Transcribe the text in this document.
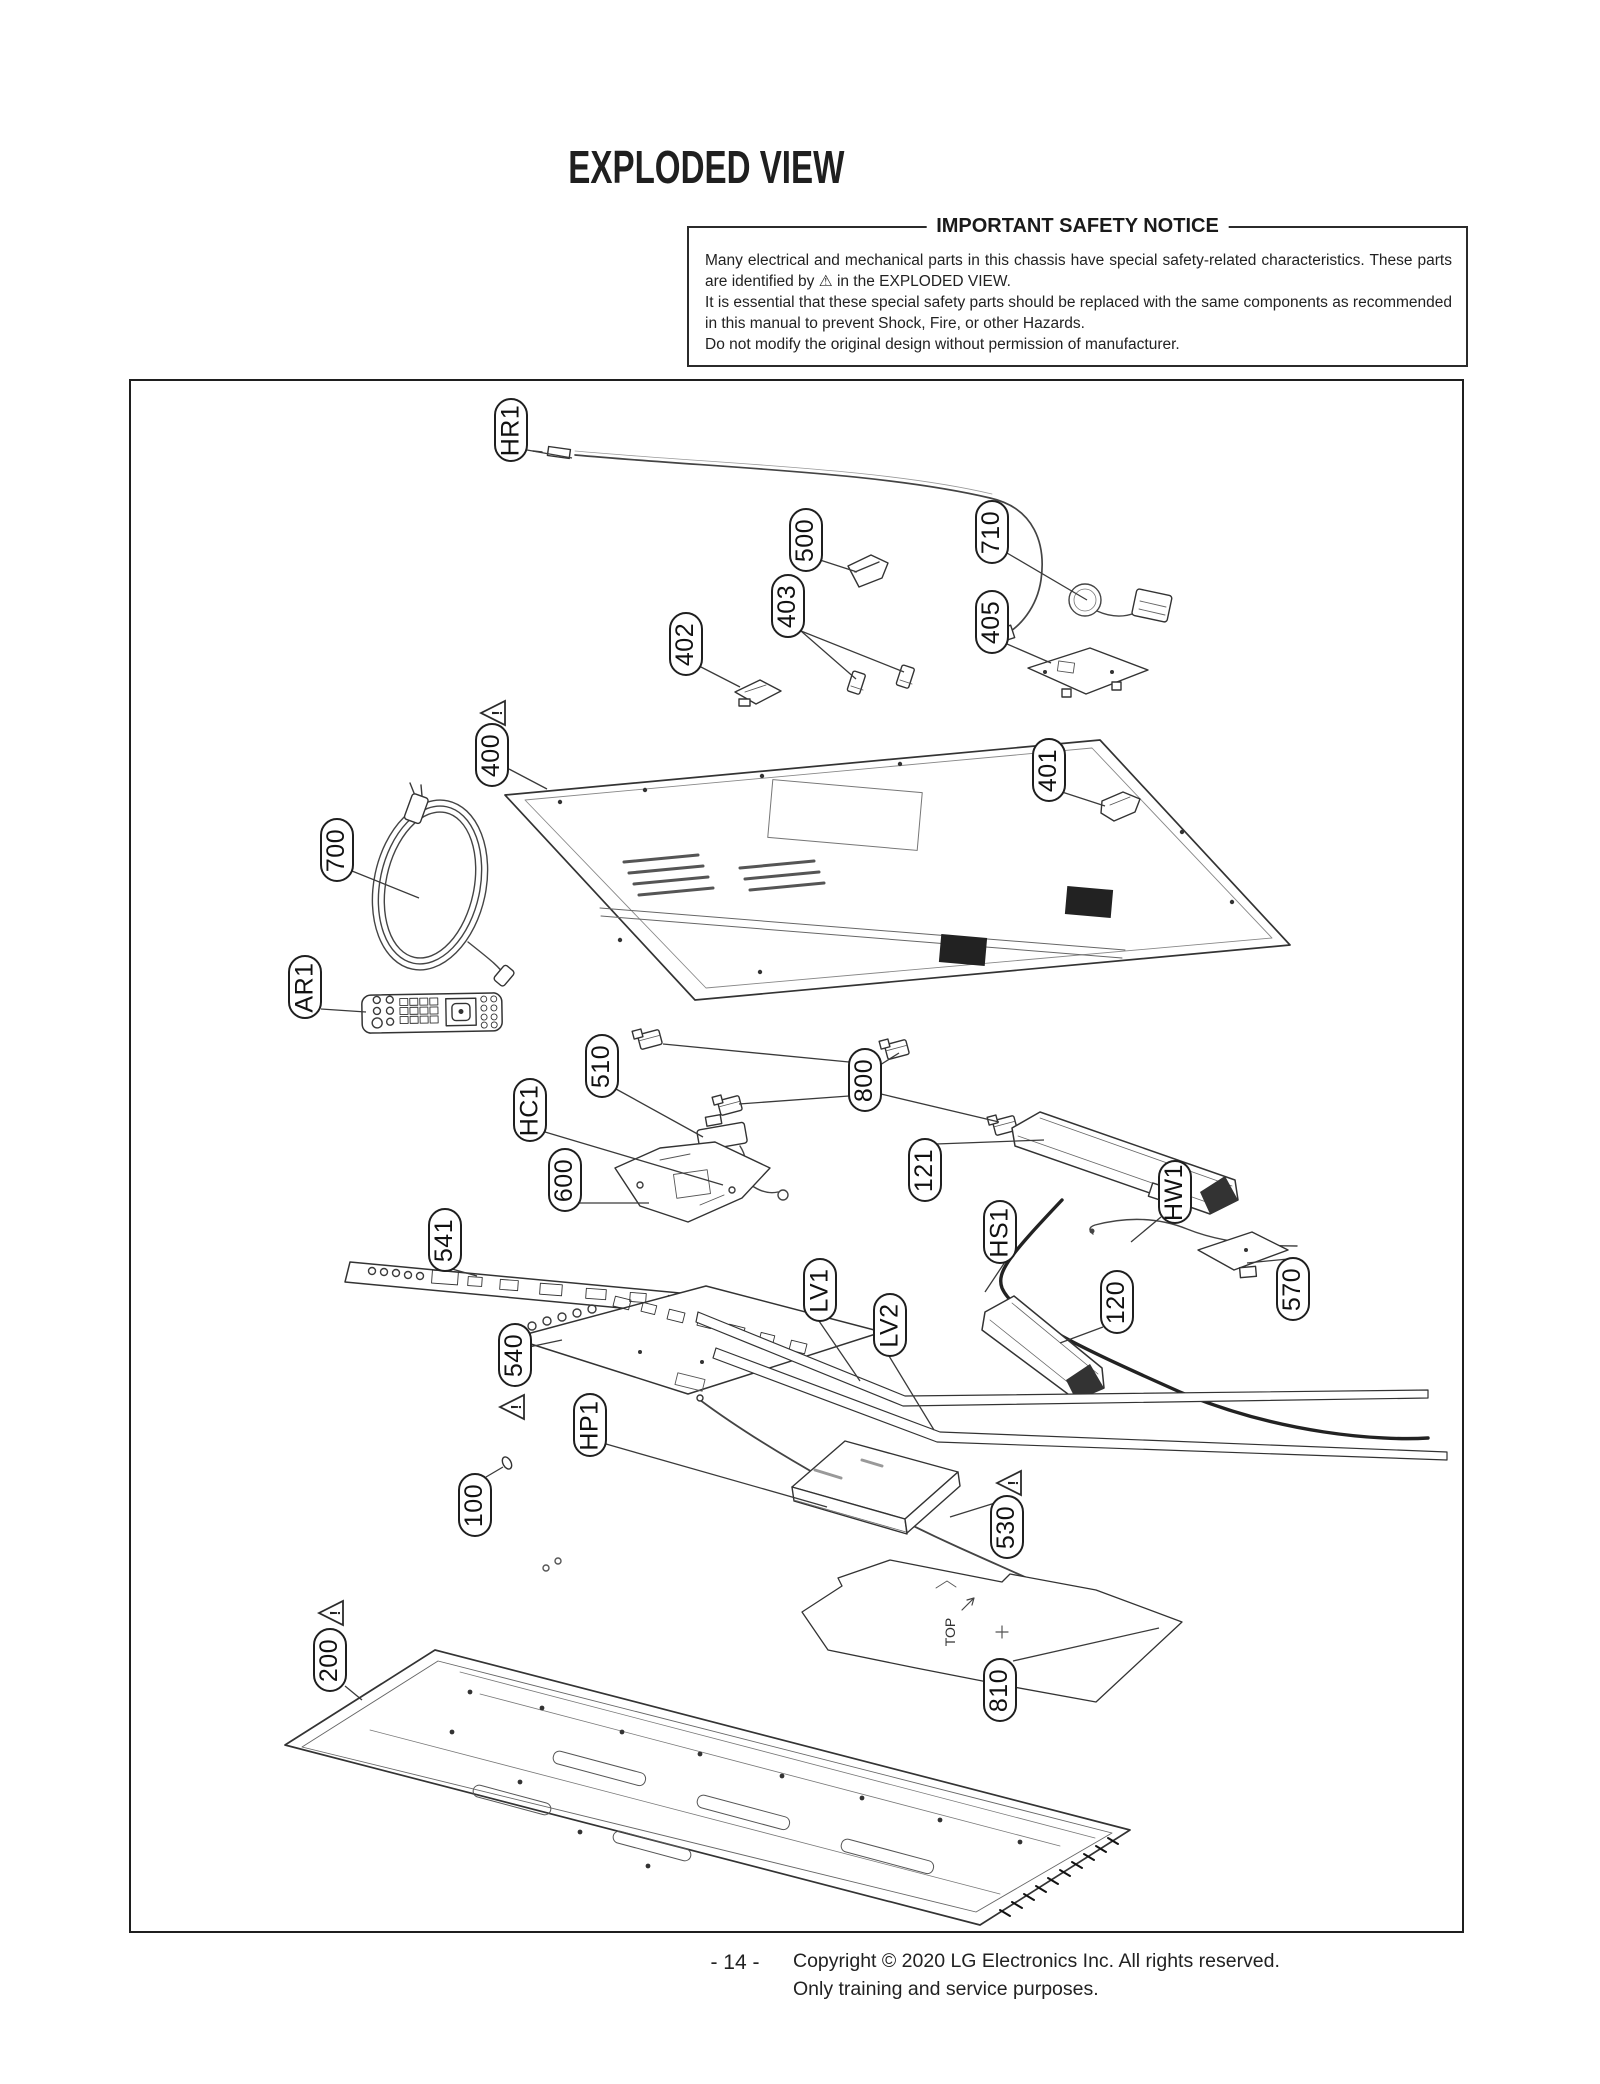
EXPLODED VIEW
IMPORTANT SAFETY NOTICE

Many electrical and mechanical parts in this chassis have special safety-related characteristics. These parts are identified by ⚠ in the EXPLODED VIEW.

It is essential that these special safety parts should be replaced with the same components as recommended in this manual to prevent Shock, Fire, or other Hazards.

Do not modify the original design without permission of manufacturer.

!
!
!
!
TOP
HR1
500
403
402
400
710
405
401
700
AR1
510
HC1
800
600	121	HW1
HS1
541
LV1
LV2
120	570
540
HP1
100
530
200
810
- 14 -	Copyright © 2020 LG Electronics Inc. All rights reserved.
Only training and service purposes.
